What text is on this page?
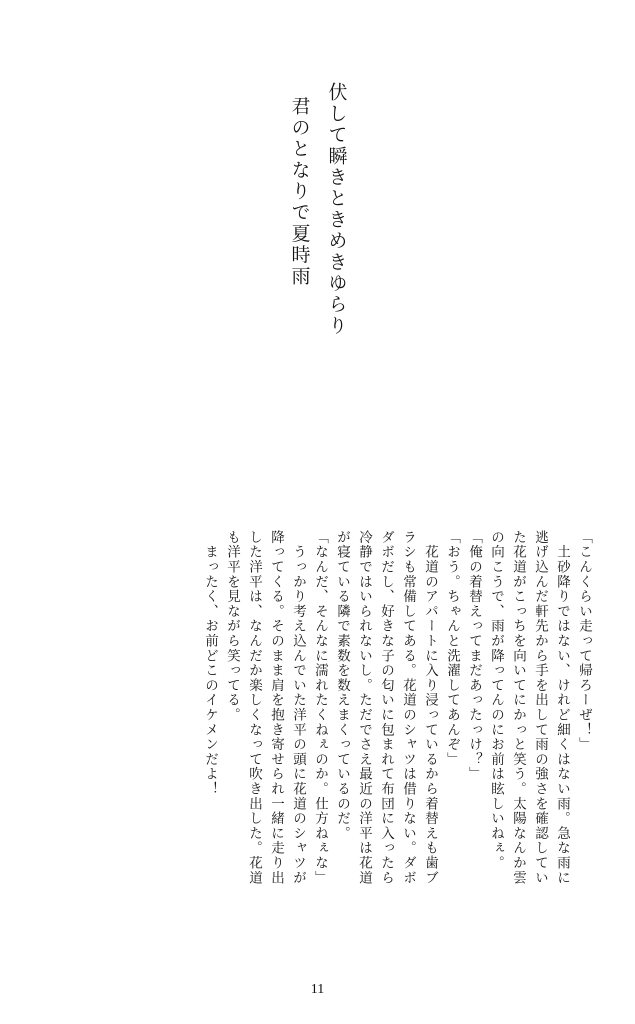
伏して瞬きときめきゆらり
君のとなりで夏時雨
「こんくらい走って帰ろーぜ！」
　土砂降りではない、けれど細くはない雨。急な雨に
逃げ込んだ軒先から手を出して雨の強さを確認してい
た花道がこっちを向いてにかっと笑う。太陽なんか雲
の向こうで、雨が降ってんのにお前は眩しいねぇ。
「俺の着替えってまだあったっけ？」
「おう。ちゃんと洗濯してあんぞ」
　花道のアパートに入り浸っているから着替えも歯ブ
ラシも常備してある。花道のシャツは借りない。ダボ
ダボだし、好きな子の匂いに包まれて布団に入ったら
冷静ではいられないし。ただでさえ最近の洋平は花道
が寝ている隣で素数を数えまくっているのだ。
「なんだ、そんなに濡れたくねぇのか。仕方ねぇな」
　うっかり考え込んでいた洋平の頭に花道のシャツが
降ってくる。そのまま肩を抱き寄せられ一緒に走り出
した洋平は、なんだか楽しくなって吹き出した。花道
も洋平を見ながら笑ってる。
　まったく、お前どこのイケメンだよ！
11
